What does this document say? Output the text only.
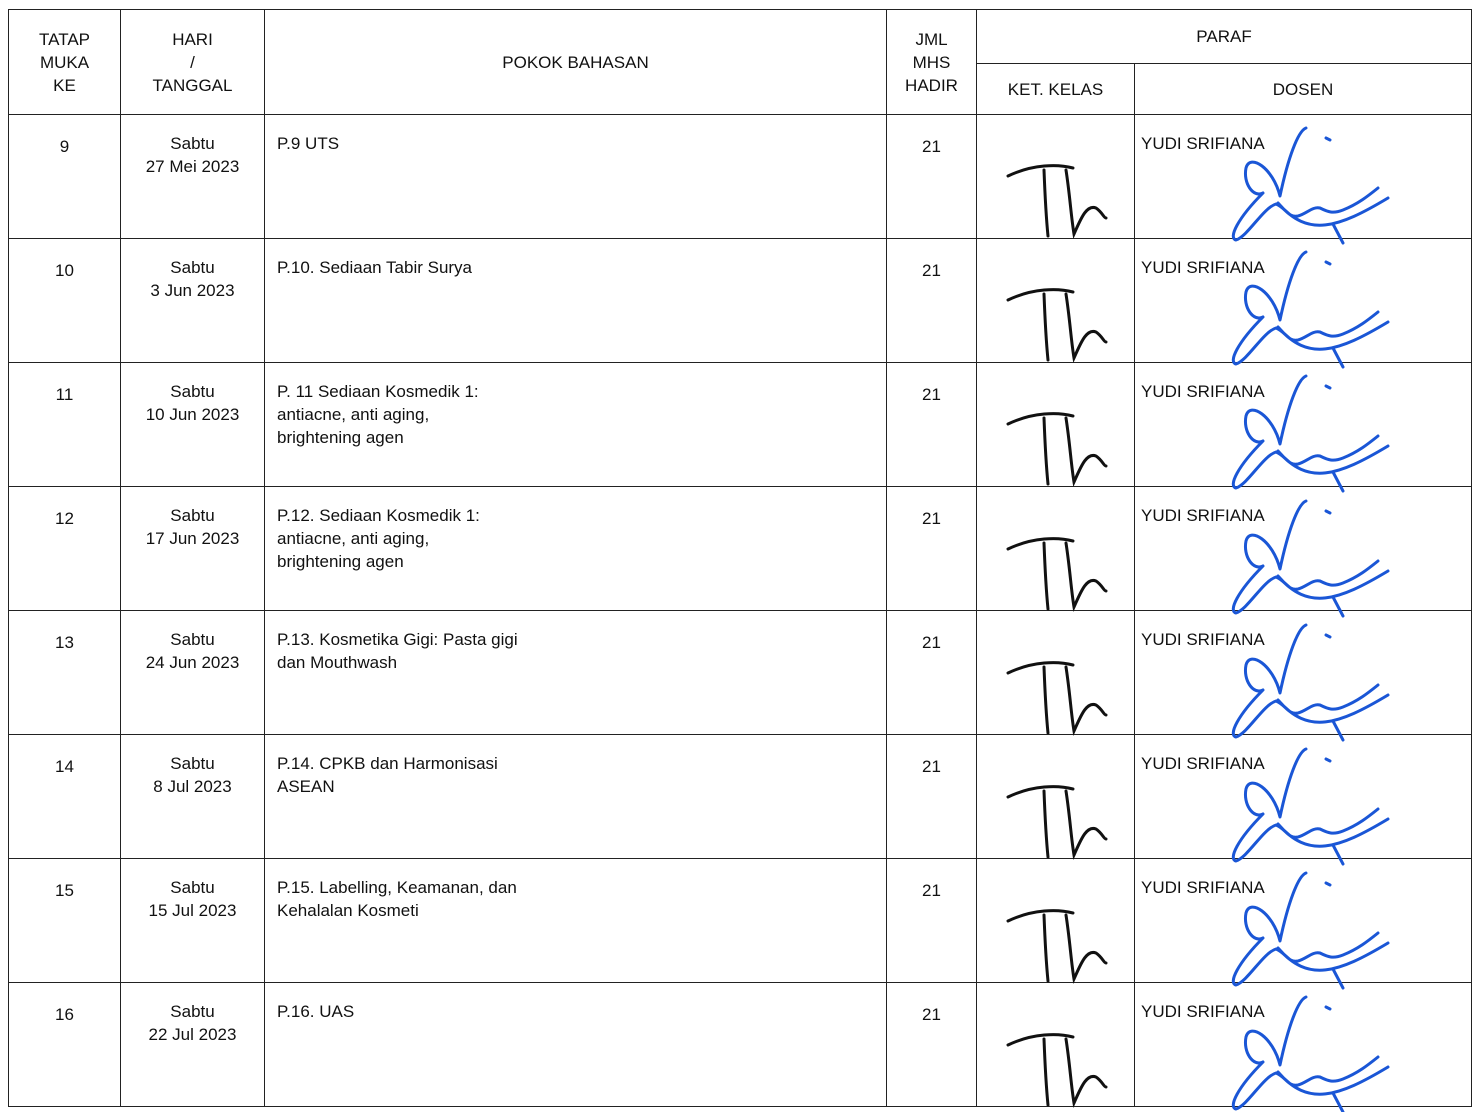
TATAP
MUKA
KE	HARI
/
TANGGAL	POKOK BAHASAN	JML
MHS
HADIR	PARAF	
				KET. KELAS	DOSEN
9	Sabtu
27 Mei 2023	P.9 UTS	21		YUDI SRIFIANA
10	Sabtu
3 Jun 2023	P.10. Sediaan Tabir Surya	21		YUDI SRIFIANA
11	Sabtu
10 Jun 2023	P. 11 Sediaan Kosmedik 1:
antiacne, anti aging,
brightening agen	21		YUDI SRIFIANA
12	Sabtu
17 Jun 2023	P.12. Sediaan Kosmedik 1:
antiacne, anti aging,
brightening agen	21		YUDI SRIFIANA
13	Sabtu
24 Jun 2023	P.13. Kosmetika Gigi: Pasta gigi
dan Mouthwash	21		YUDI SRIFIANA
14	Sabtu
8 Jul 2023	P.14. CPKB dan Harmonisasi
ASEAN	21		YUDI SRIFIANA
15	Sabtu
15 Jul 2023	P.15. Labelling, Keamanan, dan
Kehalalan Kosmeti	21		YUDI SRIFIANA
16	Sabtu
22 Jul 2023	P.16. UAS	21		YUDI SRIFIANA
